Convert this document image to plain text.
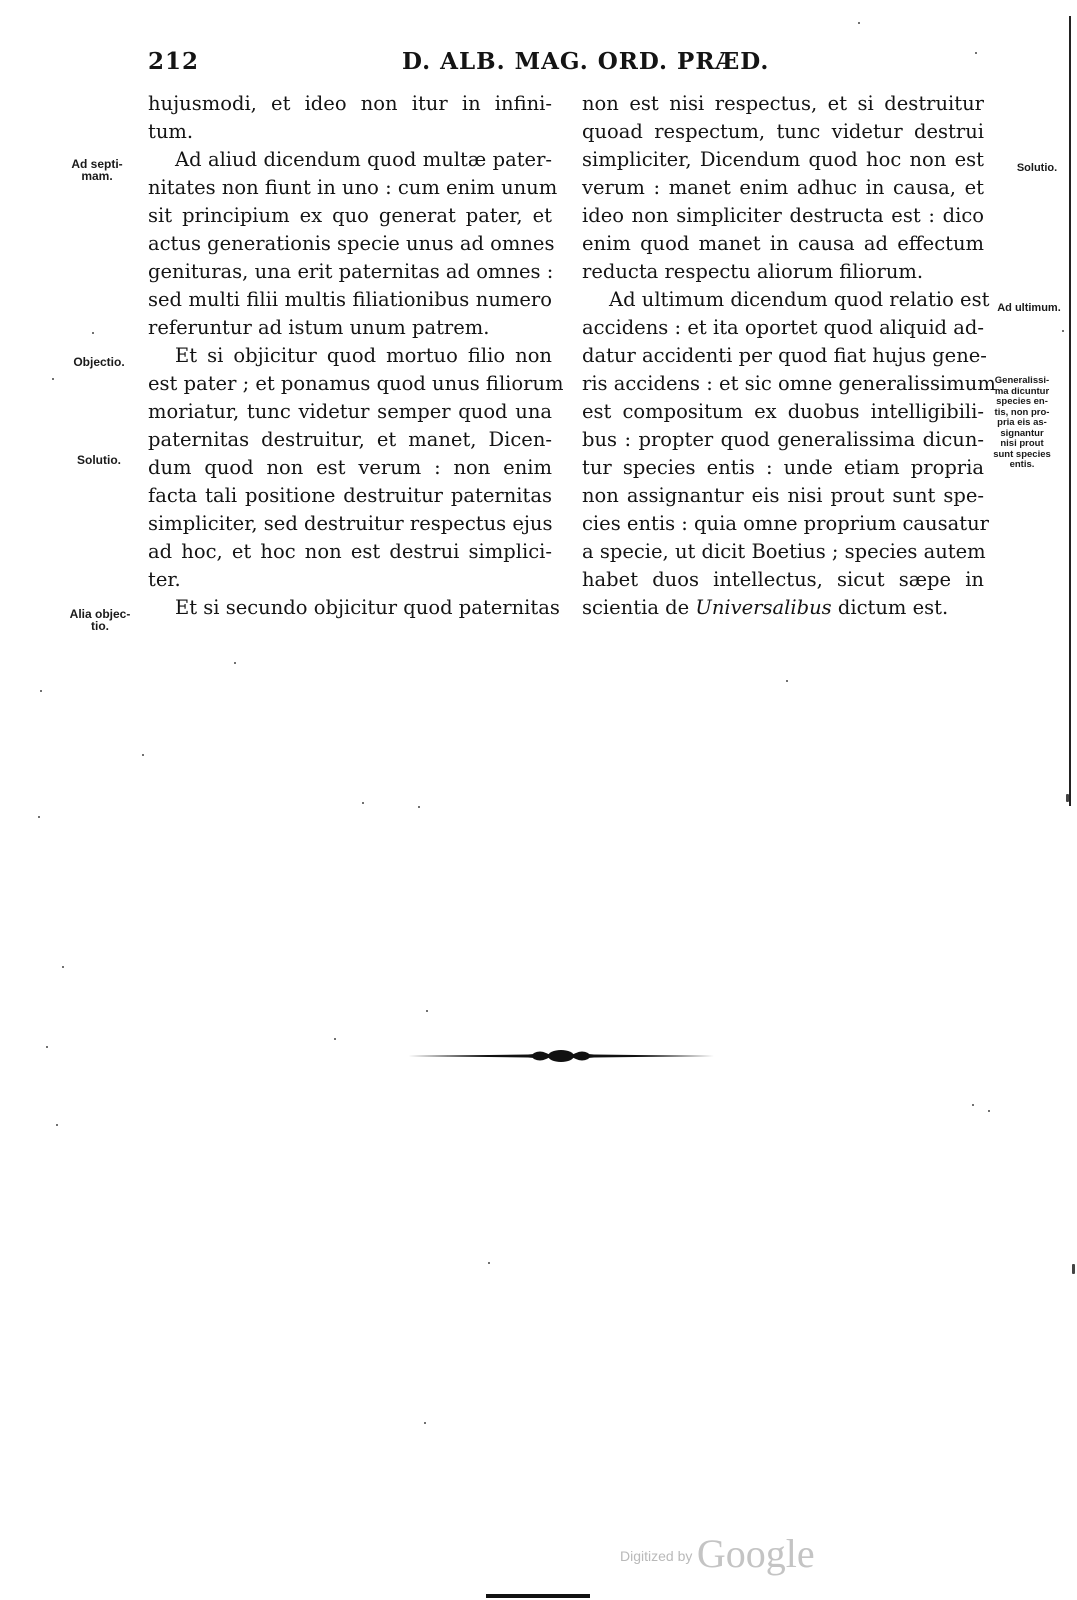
212	D. ALB. MAG. ORD. PRÆD.
hujusmodi, et ideo non itur in infini-
tum.
Ad aliud dicendum quod multæ pater-
nitates non fiunt in uno : cum enim unum
sit principium ex quo generat pater, et
actus generationis specie unus ad omnes
genituras, una erit paternitas ad omnes :
sed multi filii multis filiationibus numero
referuntur ad istum unum patrem.
Et si objicitur quod mortuo filio non
est pater ; et ponamus quod unus filiorum
moriatur, tunc videtur semper quod una
paternitas destruitur, et manet, Dicen-
dum quod non est verum : non enim
facta tali positione destruitur paternitas
simpliciter, sed destruitur respectus ejus
ad hoc, et hoc non est destrui simplici-
ter.
Et si secundo objicitur quod paternitas
non est nisi respectus, et si destruitur
quoad respectum, tunc videtur destrui
simpliciter, Dicendum quod hoc non est
verum : manet enim adhuc in causa, et
ideo non simpliciter destructa est : dico
enim quod manet in causa ad effectum
reducta respectu aliorum filiorum.
Ad ultimum dicendum quod relatio est
accidens : et ita oportet quod aliquid ad-
datur accidenti per quod fiat hujus gene-
ris accidens : et sic omne generalissimum
est compositum ex duobus intelligibili-
bus : propter quod generalissima dicun-
tur species entis : unde etiam propria
non assignantur eis nisi prout sunt spe-
cies entis : quia omne proprium causatur
a specie, ut dicit Boetius ; species autem
habet duos intellectus, sicut sæpe in
scientia de Universalibus dictum est.
Ad septi-
mam.
Objectio.
Solutio.
Alia objec-
tio.
Solutio.
Ad ultimum.
Generalissi-
ma dicuntur
species en-
tis, non pro-
pria eis as-
signantur
nisi prout
sunt species
entis.
Digitized by Google
